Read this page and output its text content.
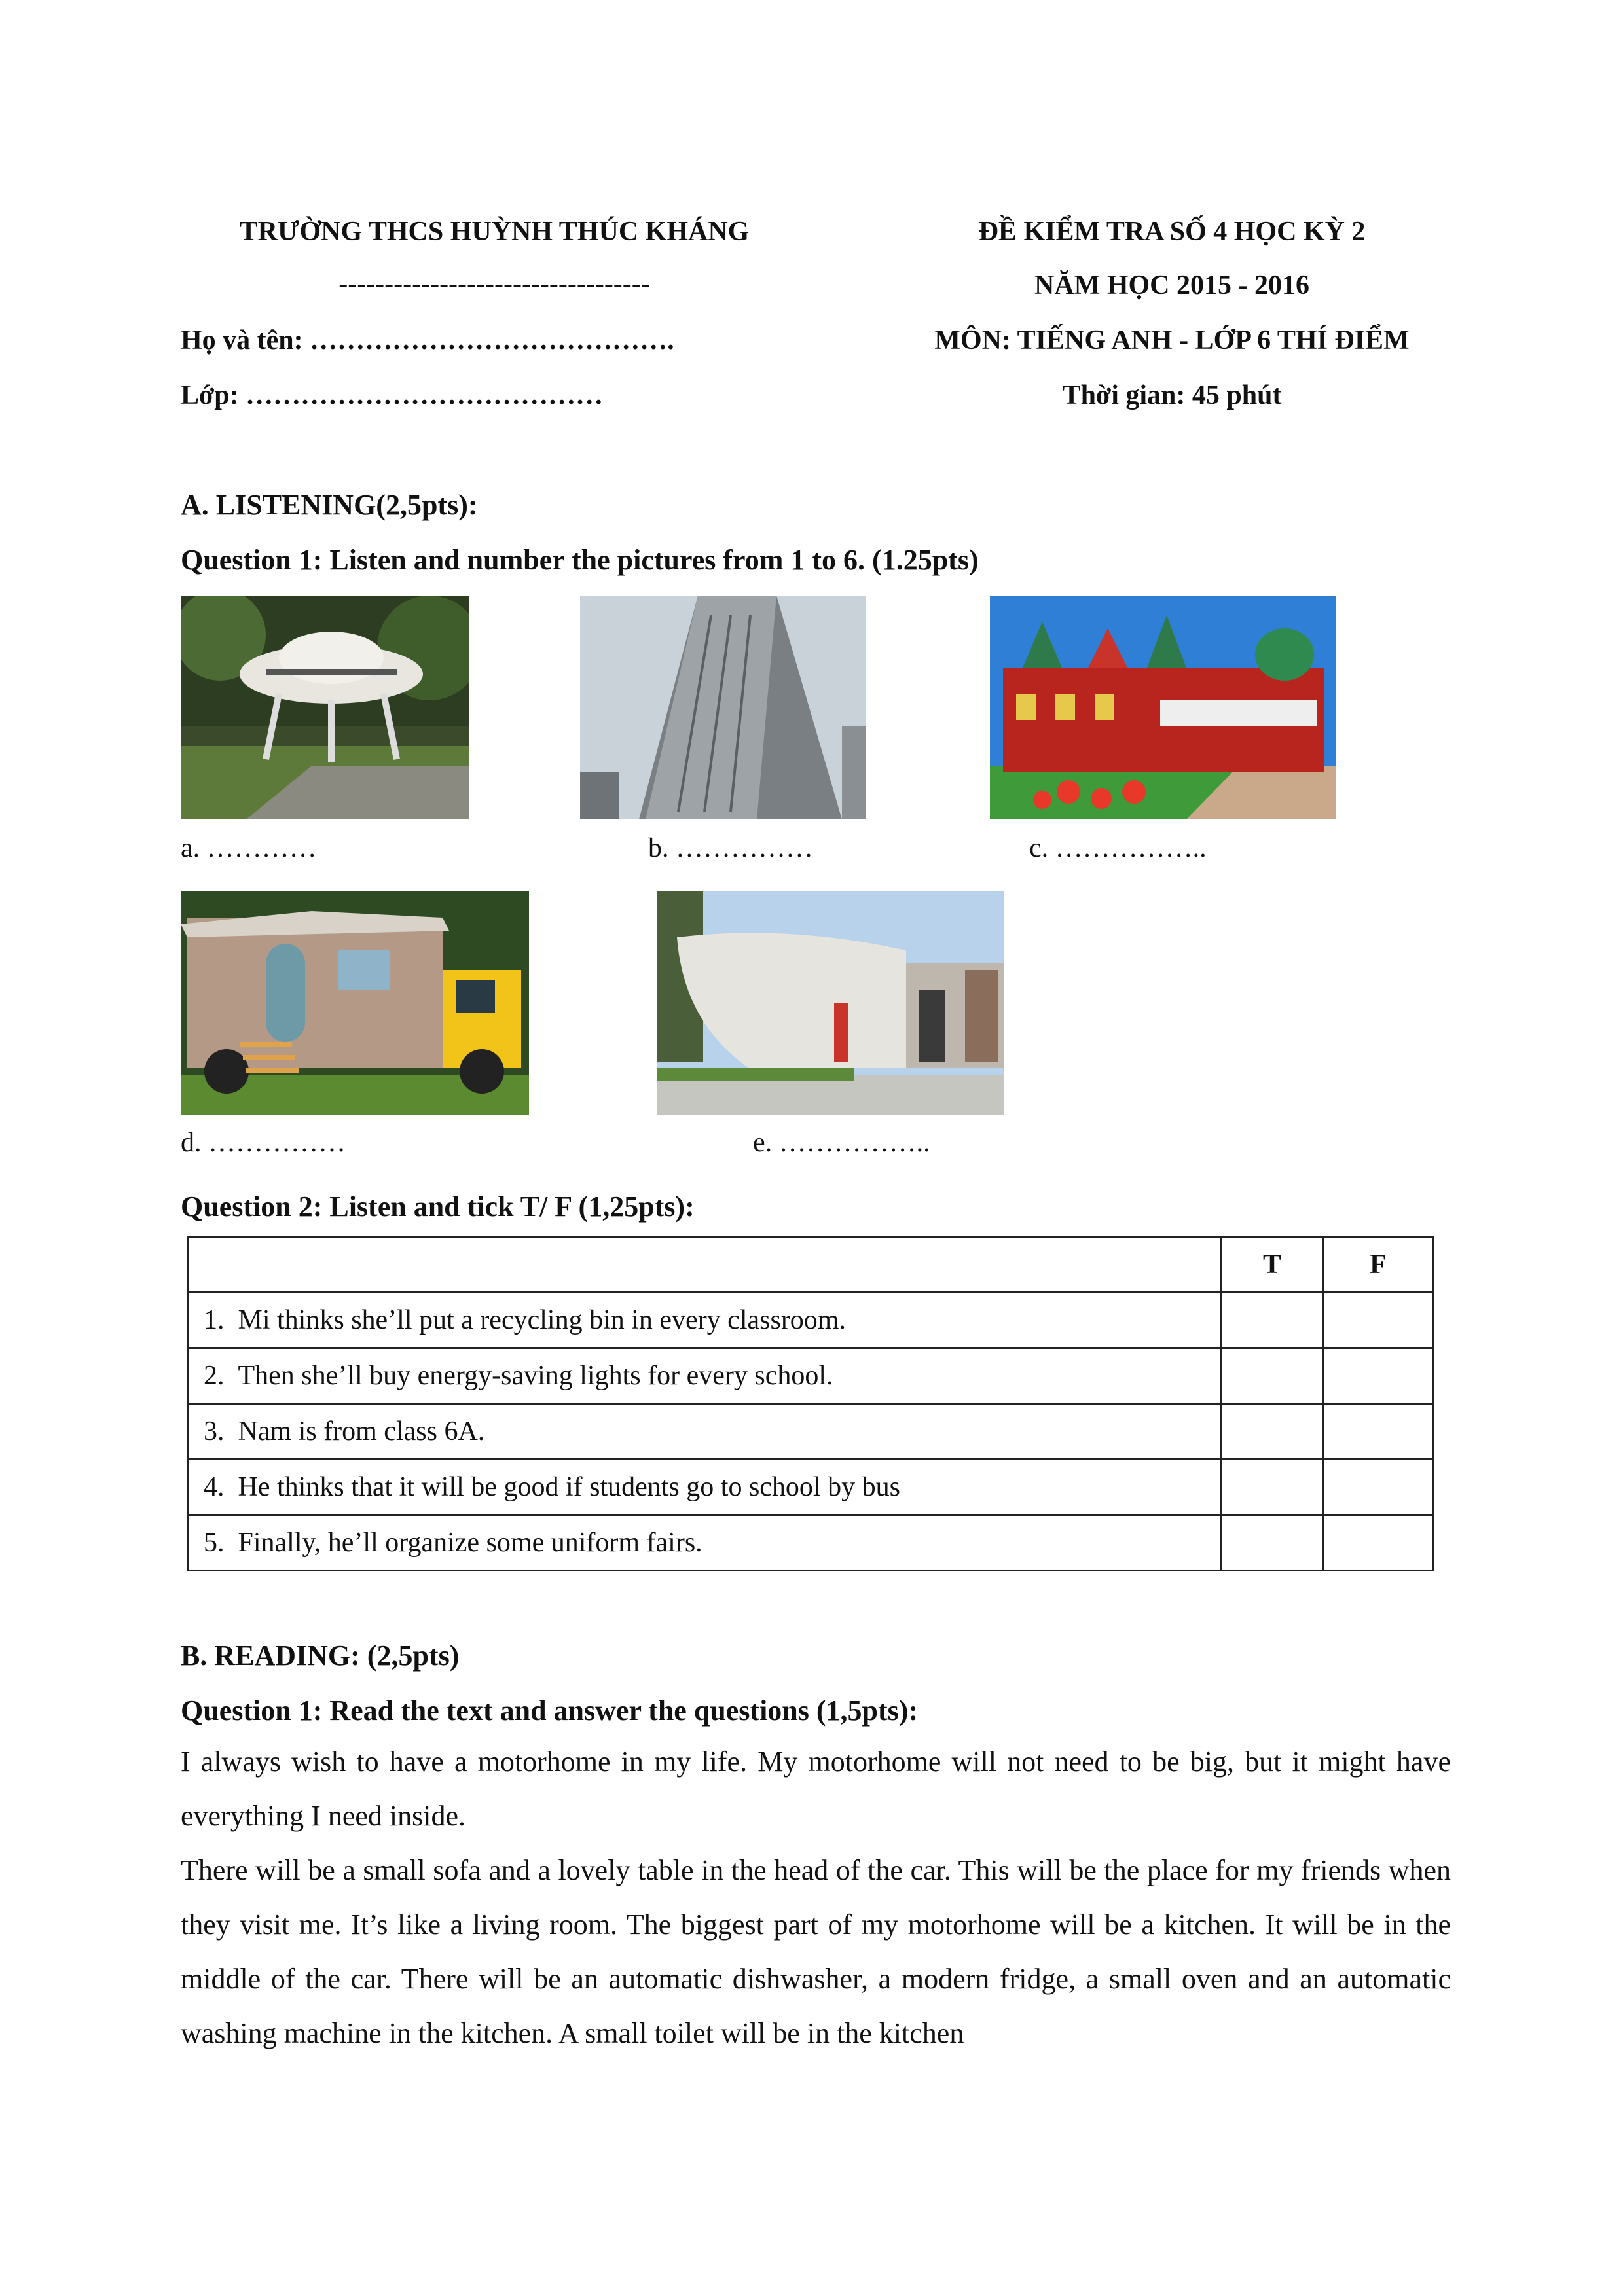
TRƯỜNG THCS HUỲNH THÚC KHÁNG
----------------------------------
Họ và tên: ………………………………….
Lớp: …………………………………
ĐỀ KIỂM TRA SỐ 4 HỌC KỲ 2
NĂM HỌC 2015 - 2016
MÔN: TIẾNG ANH - LỚP 6 THÍ ĐIỂM
Thời gian: 45 phút
A. LISTENING(2,5pts):
Question 1: Listen and number the pictures from 1 to 6. (1.25pts)
a. …………	b. ……………	c. ……………..
d. ……………	e. ……………..
Question 2: Listen and tick T/ F (1,25pts):
	T	F
1. Mi thinks she’ll put a recycling bin in every classroom.		
2. Then she’ll buy energy-saving lights for every school.		
3. Nam is from class 6A.		
4. He thinks that it will be good if students go to school by bus		
5. Finally, he’ll organize some uniform fairs.		
B. READING: (2,5pts)
Question 1: Read the text and answer the questions (1,5pts):
I always wish to have a motorhome in my life. My motorhome will not need to be big, but it might have everything I need inside.
There will be a small sofa and a lovely table in the head of the car. This will be the place for my friends when they visit me. It’s like a living room. The biggest part of my motorhome will be a kitchen. It will be in the middle of the car. There will be an automatic dishwasher, a modern fridge, a small oven and an automatic washing machine in the kitchen. A small toilet will be in the kitchen
